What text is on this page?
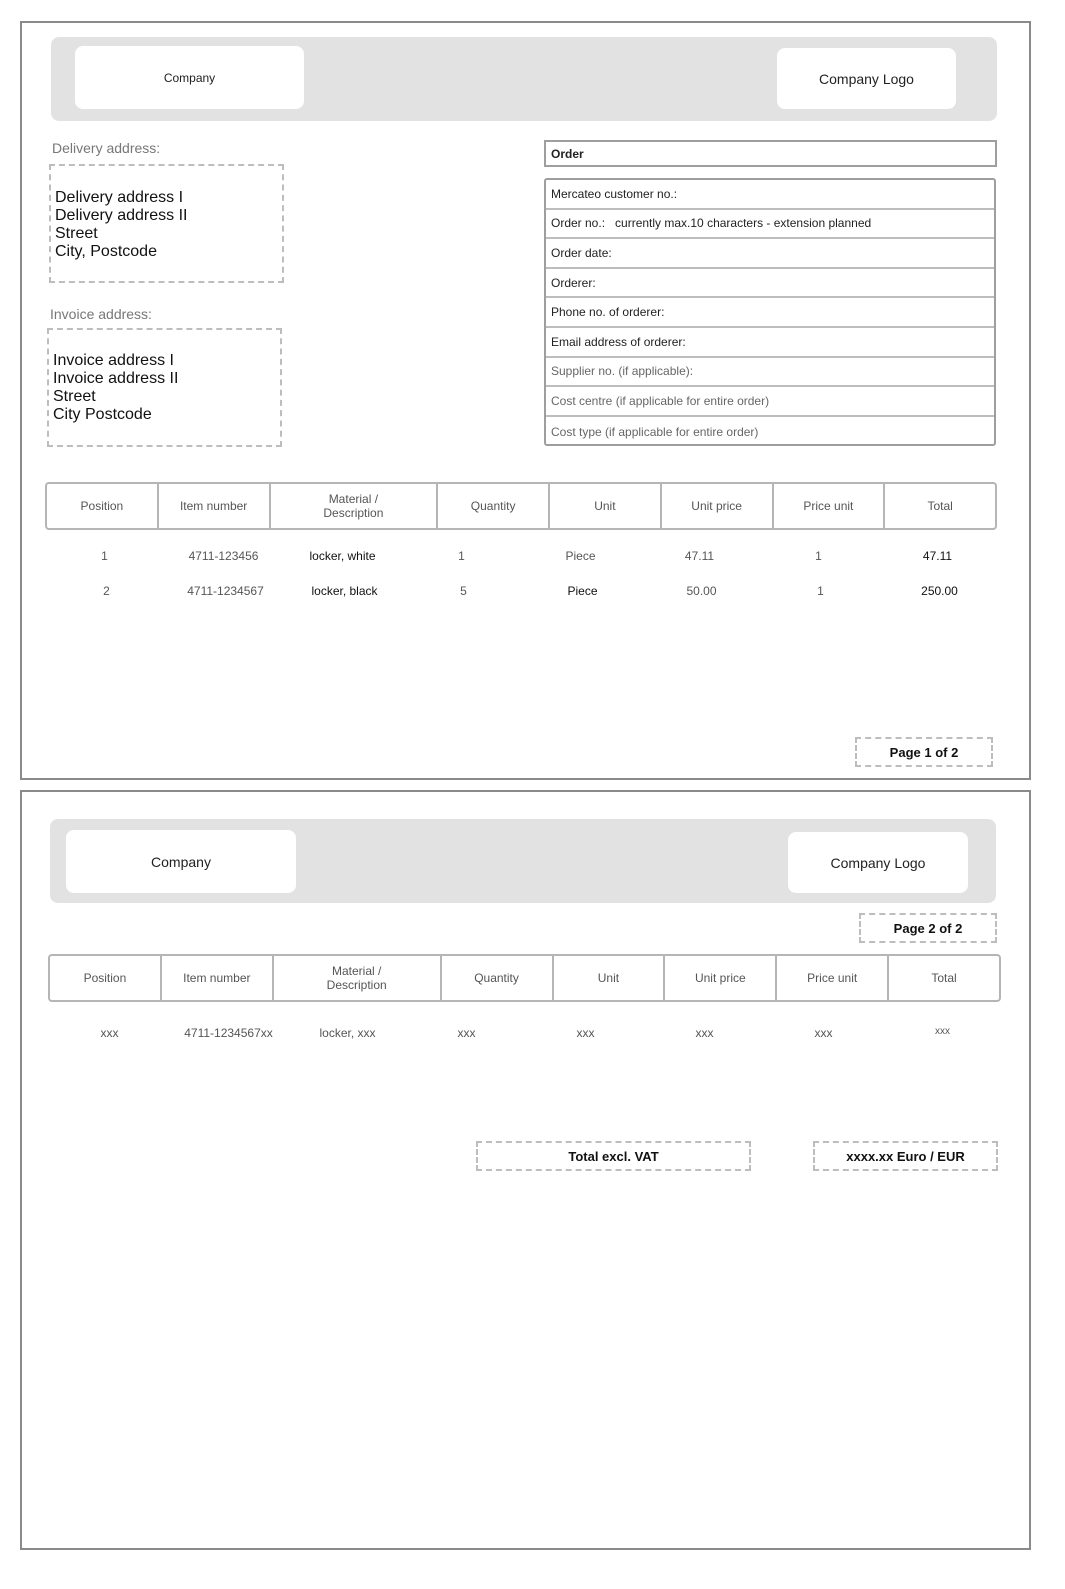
Company	Company Logo
Delivery address:
Delivery address I
Delivery address II
Street
City, Postcode
Invoice address:
Invoice address I
Invoice address II
Street
City Postcode
Order
Mercateo customer no.:
Order no.: currently max.10 characters - extension planned
Order date:
Orderer:
Phone no. of orderer:
Email address of orderer:
Supplier no. (if applicable):
Cost centre (if applicable for entire order)
Cost type (if applicable for entire order)
Position	Item number	Material / Description	Quantity	Unit	Unit price	Price unit	Total
1	4711-123456	locker, white	1	Piece	47.11	1	47.11
2	4711-1234567	locker, black	5	Piece	50.00	1	250.00
Page 1 of 2
Company	Company Logo
Page 2 of 2
Position	Item number	Material / Description	Quantity	Unit	Unit price	Price unit	Total
xxx	4711-1234567xx	locker, xxx	xxx	xxx	xxx	xxx	xxx
Total excl. VAT	xxxx.xx Euro / EUR
